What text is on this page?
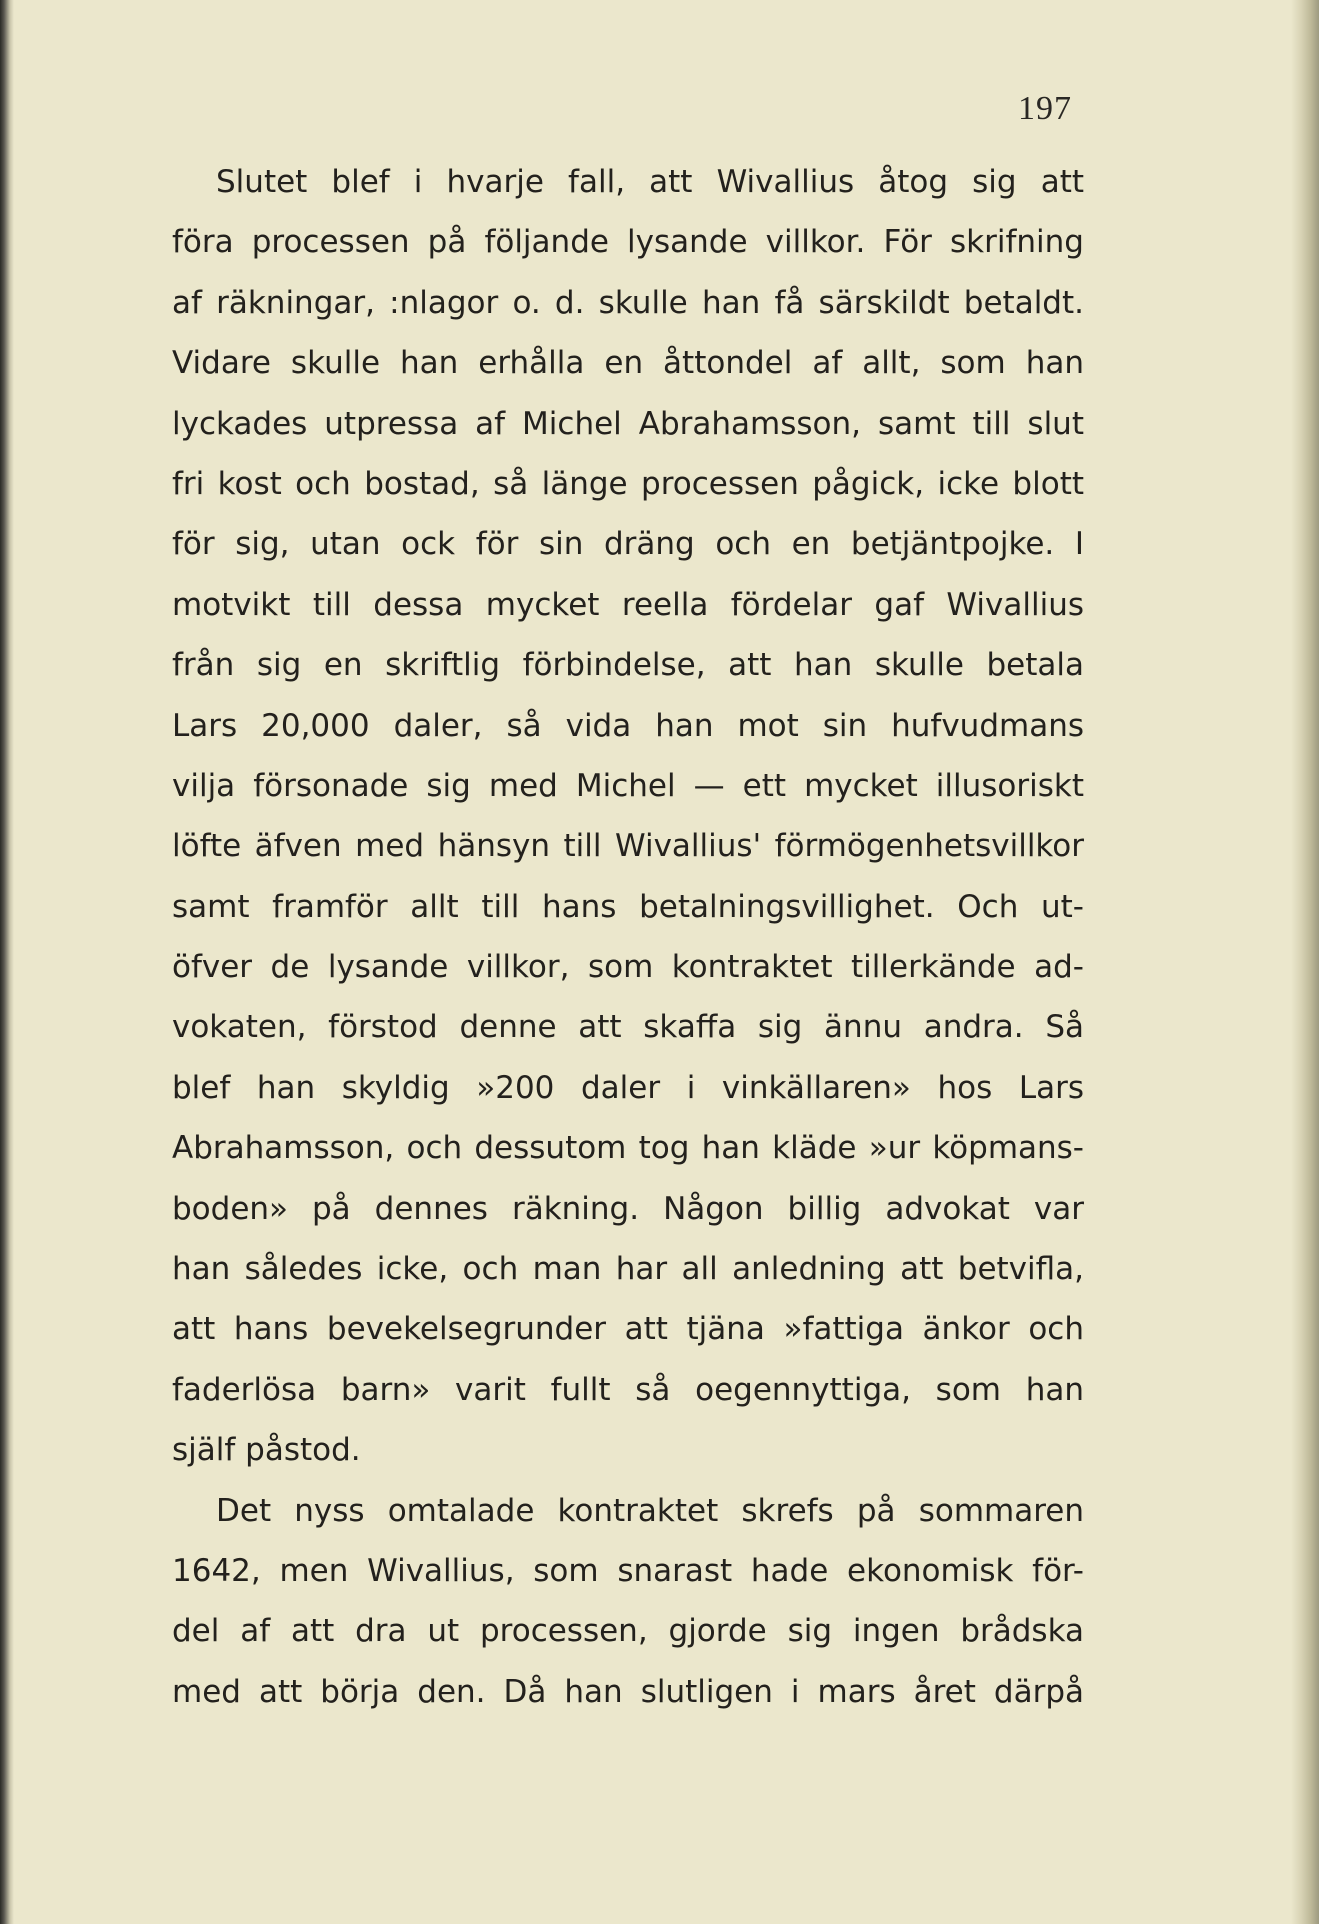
197
Slutet blef i hvarje fall, att Wivallius åtog sig att
föra processen på följande lysande villkor. För skrifning
af räkningar, :nlagor o. d. skulle han få särskildt betaldt.
Vidare skulle han erhålla en åttondel af allt, som han
lyckades utpressa af Michel Abrahamsson, samt till slut
fri kost och bostad, så länge processen pågick, icke blott
för sig, utan ock för sin dräng och en betjäntpojke. I
motvikt till dessa mycket reella fördelar gaf Wivallius
från sig en skriftlig förbindelse, att han skulle betala
Lars 20,000 daler, så vida han mot sin hufvudmans
vilja försonade sig med Michel — ett mycket illusoriskt
löfte äfven med hänsyn till Wivallius' förmögenhetsvillkor
samt framför allt till hans betalningsvillighet. Och ut-
öfver de lysande villkor, som kontraktet tillerkände ad-
vokaten, förstod denne att skaffa sig ännu andra. Så
blef han skyldig »200 daler i vinkällaren» hos Lars
Abrahamsson, och dessutom tog han kläde »ur köpmans-
boden» på dennes räkning. Någon billig advokat var
han således icke, och man har all anledning att betvifla,
att hans bevekelsegrunder att tjäna »fattiga änkor och
faderlösa barn» varit fullt så oegennyttiga, som han
själf påstod.
Det nyss omtalade kontraktet skrefs på sommaren
1642, men Wivallius, som snarast hade ekonomisk för-
del af att dra ut processen, gjorde sig ingen brådska
med att börja den. Då han slutligen i mars året därpå
